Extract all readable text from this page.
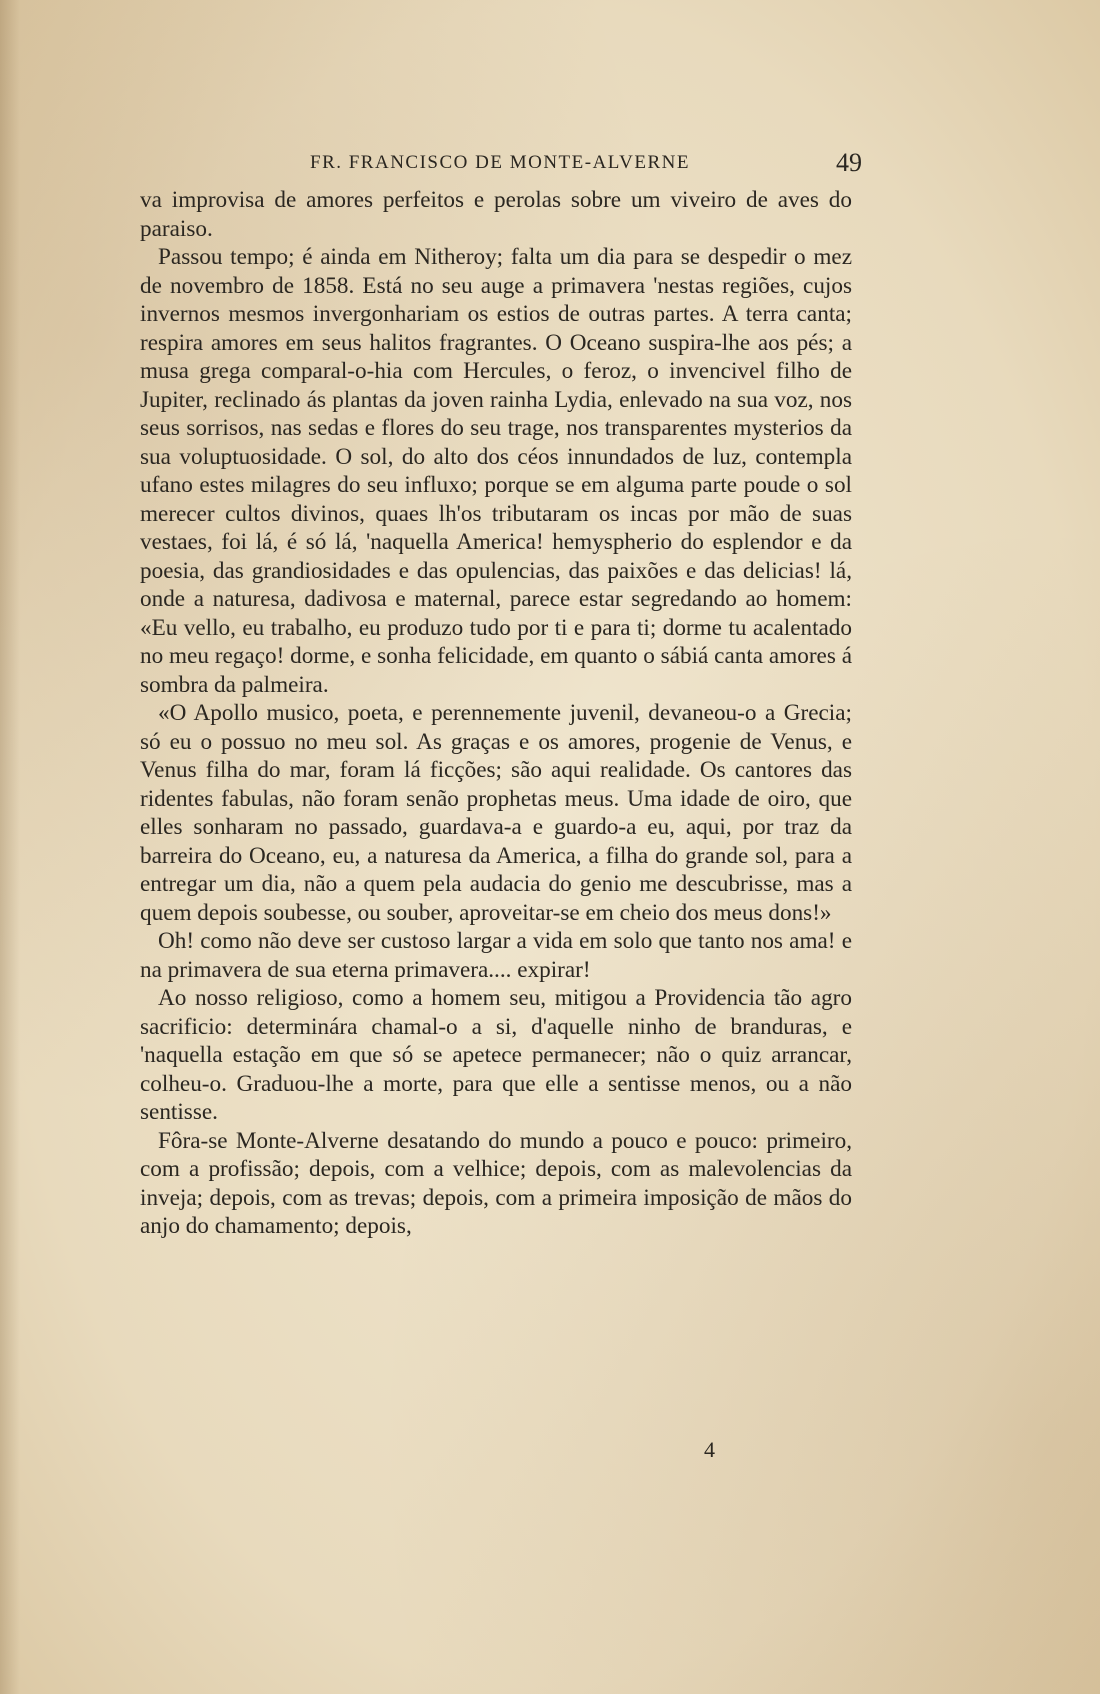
FR. FRANCISCO DE MONTE-ALVERNE	49

va improvisa de amores perfeitos e perolas sobre um viveiro de aves do paraiso.

Passou tempo; é ainda em Nitheroy; falta um dia para se despedir o mez de novembro de 1858. Está no seu auge a primavera 'nestas regiões, cujos invernos mesmos invergonhariam os estios de outras partes. A terra canta; respira amores em seus halitos fragrantes. O Oceano suspira-lhe aos pés; a musa grega comparal-o-hia com Hercules, o feroz, o invencivel filho de Jupiter, reclinado ás plantas da joven rainha Lydia, enlevado na sua voz, nos seus sorrisos, nas sedas e flores do seu trage, nos transparentes mysterios da sua voluptuosidade. O sol, do alto dos céos innundados de luz, contempla ufano estes milagres do seu influxo; porque se em alguma parte poude o sol merecer cultos divinos, quaes lh'os tributaram os incas por mão de suas vestaes, foi lá, é só lá, 'naquella America! hemyspherio do esplendor e da poesia, das grandiosidades e das opulencias, das paixões e das delicias! lá, onde a naturesa, dadivosa e maternal, parece estar segredando ao homem: «Eu vello, eu trabalho, eu produzo tudo por ti e para ti; dorme tu acalentado no meu regaço! dorme, e sonha felicidade, em quanto o sábiá canta amores á sombra da palmeira.

«O Apollo musico, poeta, e perennemente juvenil, devaneou-o a Grecia; só eu o possuo no meu sol. As graças e os amores, progenie de Venus, e Venus filha do mar, foram lá ficções; são aqui realidade. Os cantores das ridentes fabulas, não foram senão prophetas meus. Uma idade de oiro, que elles sonharam no passado, guardava-a e guardo-a eu, aqui, por traz da barreira do Oceano, eu, a naturesa da America, a filha do grande sol, para a entregar um dia, não a quem pela audacia do genio me descubrisse, mas a quem depois soubesse, ou souber, aproveitar-se em cheio dos meus dons!»

Oh! como não deve ser custoso largar a vida em solo que tanto nos ama! e na primavera de sua eterna primavera.... expirar!

Ao nosso religioso, como a homem seu, mitigou a Providencia tão agro sacrificio: determinára chamal-o a si, d'aquelle ninho de branduras, e 'naquella estação em que só se apetece permanecer; não o quiz arrancar, colheu-o. Graduou-lhe a morte, para que elle a sentisse menos, ou a não sentisse.

Fôra-se Monte-Alverne desatando do mundo a pouco e pouco: primeiro, com a profissão; depois, com a velhice; depois, com as malevolencias da inveja; depois, com as trevas; depois, com a primeira imposição de mãos do anjo do chamamento; depois,

4
